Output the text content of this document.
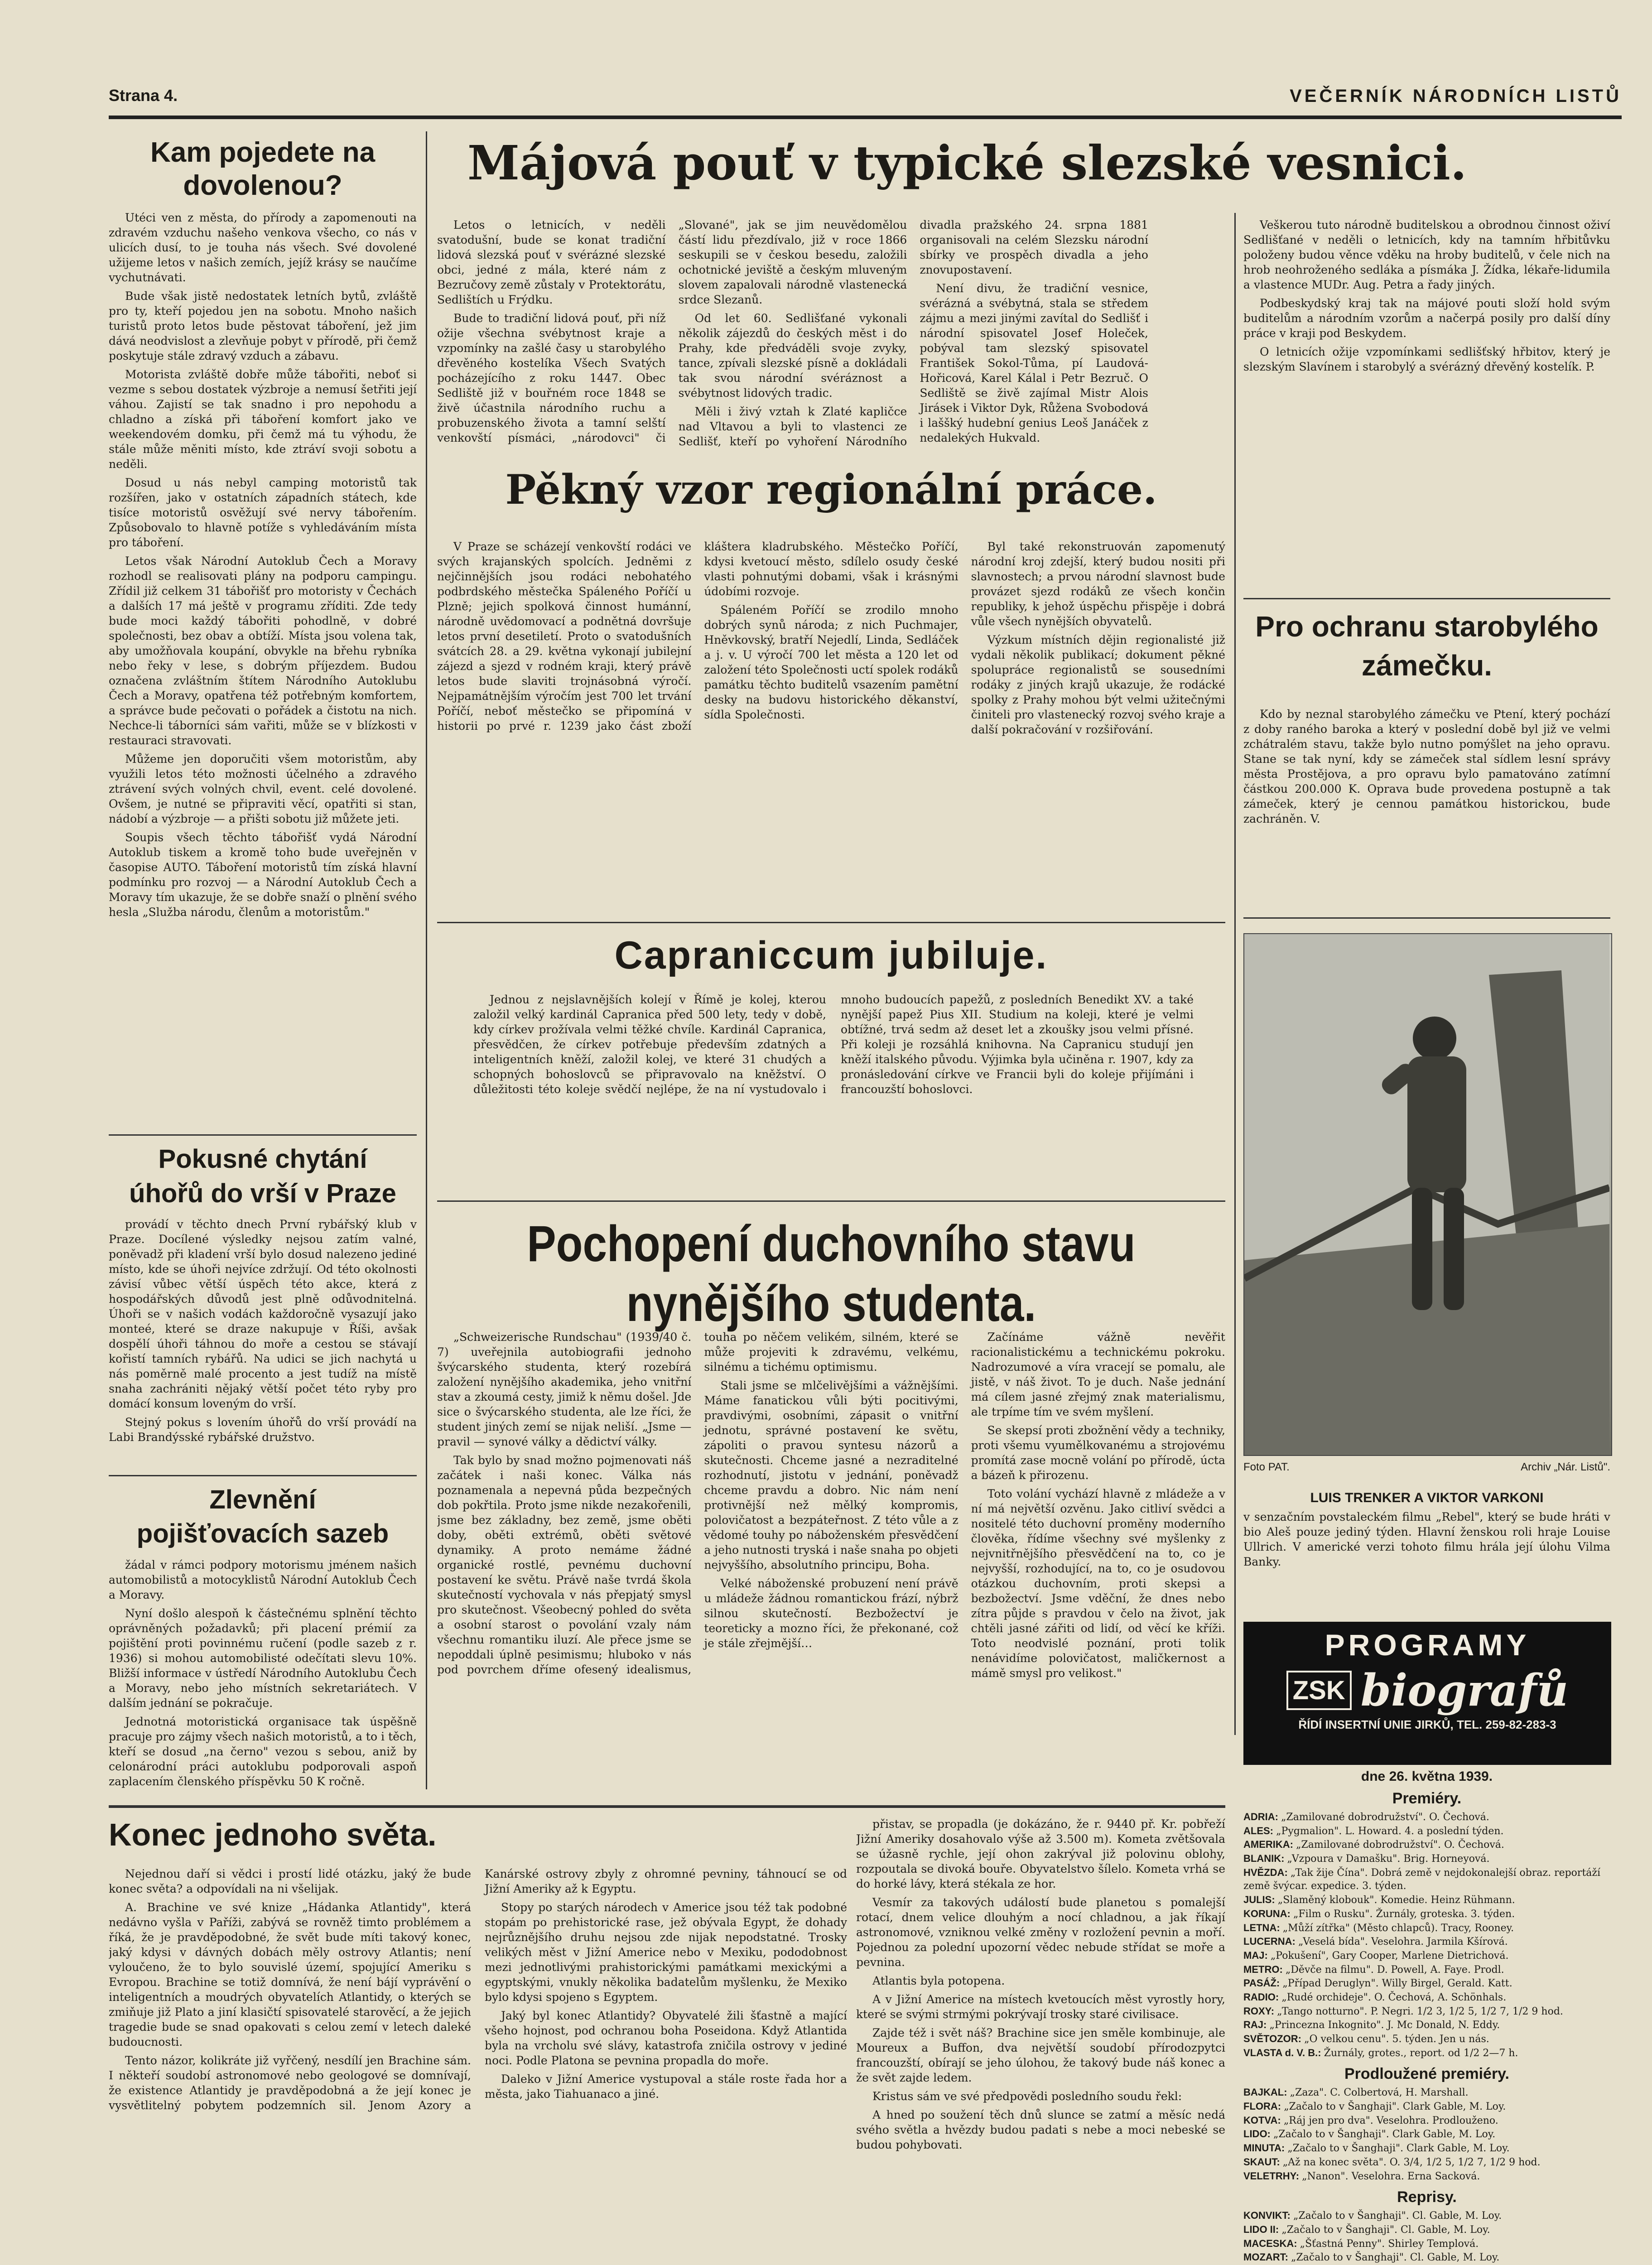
Strana 4.	VEČERNÍK NÁRODNÍCH LISTŮ
Kam pojedete na dovolenou?

Utéci ven z města, do přírody a zapomenouti na zdravém vzduchu našeho venkova všecho, co nás v ulicích dusí, to je touha nás všech. Své dovolené užijeme letos v našich zemích, jejíž krásy se naučíme vychutnávati.

Bude však jistě nedostatek letních bytů, zvláště pro ty, kteří pojedou jen na sobotu. Mnoho našich turistů proto letos bude pěstovat táboření, jež jim dává neodvislost a zlevňuje pobyt v přírodě, při čemž poskytuje stále zdravý vzduch a zábavu.

Motorista zvláště dobře může tábořiti, neboť si vezme s sebou dostatek výzbroje a nemusí šetřiti její váhou. Zajistí se tak snadno i pro nepohodu a chladno a získá při táboření komfort jako ve weekendovém domku, při čemž má tu výhodu, že stále může měniti místo, kde ztráví svoji sobotu a neděli.

Dosud u nás nebyl camping motoristů tak rozšířen, jako v ostatních západních státech, kde tisíce motoristů osvěžují své nervy tábořením. Způsobovalo to hlavně potíže s vyhledáváním místa pro táboření.

Letos však Národní Autoklub Čech a Moravy rozhodl se realisovati plány na podporu campingu. Zřídil již celkem 31 tábořišť pro motoristy v Čechách a dalších 17 má ještě v programu zříditi. Zde tedy bude moci každý tábořiti pohodlně, v dobré společnosti, bez obav a obtíží. Místa jsou volena tak, aby umožňovala koupání, obvykle na břehu rybníka nebo řeky v lese, s dobrým příjezdem. Budou označena zvláštním štítem Národního Autoklubu Čech a Moravy, opatřena též potřebným komfortem, a správce bude pečovati o pořádek a čistotu na nich. Nechce-li táborníci sám vařiti, může se v blízkosti v restauraci stravovati.

Můžeme jen doporučiti všem motoristům, aby využili letos této možnosti účelného a zdravého ztrávení svých volných chvil, event. celé dovolené. Ovšem, je nutné se připraviti věcí, opatřiti si stan, nádobí a výzbroje — a přišti sobotu již můžete jeti.

Soupis všech těchto tábořišť vydá Národní Autoklub tiskem a kromě toho bude uveřejněn v časopise AUTO. Táboření motoristů tím získá hlavní podmínku pro rozvoj — a Národní Autoklub Čech a Moravy tím ukazuje, že se dobře snaží o plnění svého hesla „Služba národu, členům a motoristům."

Pokusné chytání úhořů do vrší v Praze

provádí v těchto dnech První rybářský klub v Praze. Docílené výsledky nejsou zatím valné, poněvadž při kladení vrší bylo dosud nalezeno jediné místo, kde se úhoři nejvíce zdržují. Od této okolnosti závisí vůbec větší úspěch této akce, která z hospodářských důvodů jest plně odůvodnitelná. Úhoři se v našich vodách každoročně vysazují jako monteé, které se draze nakupuje v Říši, avšak dospělí úhoři táhnou do moře a cestou se stávají kořistí tamních rybářů. Na udici se jich nachytá u nás poměrně malé procento a jest tudíž na místě snaha zachrániti nějaký větší počet této ryby pro domácí konsum loveným do vrší.

Stejný pokus s lovením úhořů do vrší provádí na Labi Brandýsské rybářské družstvo.

Zlevnění pojišťovacích sazeb

žádal v rámci podpory motorismu jménem našich automobilistů a motocyklistů Národní Autoklub Čech a Moravy.

Nyní došlo alespoň k částečnému splnění těchto oprávněných požadavků; při placení prémií za pojištění proti povinnému ručení (podle sazeb z r. 1936) si mohou automobilisté odečítati slevu 10%. Bližší informace v ústředí Národního Autoklubu Čech a Moravy, nebo jeho místních sekretariátech. V dalším jednání se pokračuje.

Jednotná motoristická organisace tak úspěšně pracuje pro zájmy všech našich motoristů, a to i těch, kteří se dosud „na černo" vezou s sebou, aniž by celonárodní práci autoklubu podporovali aspoň zaplacením členského příspěvku 50 K ročně.

Májová pouť v typické slezské vesnici.

Letos o letnicích, v neděli svatodušní, bude se konat tradiční lidová slezská pouť v svérázné slezské obci, jedné z mála, které nám z Bezručovy země zůstaly v Protektorátu, Sedlištích u Frýdku.

Bude to tradiční lidová pouť, při níž ožije všechna svébytnost kraje a vzpomínky na zašlé časy u starobylého dřevěného kostelíka Všech Svatých pocházejícího z roku 1447. Obec Sedliště již v bouřném roce 1848 se živě účastnila národního ruchu a probuzenského života a tamní selští venkovští písmáci, „národovci" či „Slované", jak se jim neuvědomělou částí lidu přezdívalo, již v roce 1866 seskupili se v českou besedu, založili ochotnické jeviště a českým mluveným slovem zapalovali národně vlastenecká srdce Slezanů.

Od let 60. Sedlišťané vykonali několik zájezdů do českých měst i do Prahy, kde předváděli svoje zvyky, tance, zpívali slezské písně a dokládali tak svou národní svéráznost a svébytnost lidových tradic.

Měli i živý vztah k Zlaté kapličce nad Vltavou a byli to vlastenci ze Sedlišť, kteří po vyhoření Národního divadla pražského 24. srpna 1881 organisovali na celém Slezsku národní sbírky ve prospěch divadla a jeho znovupostavení.

Není divu, že tradiční vesnice, svérázná a svébytná, stala se středem zájmu a mezi jinými zavítal do Sedlišť i národní spisovatel Josef Holeček, pobýval tam slezský spisovatel František Sokol-Tůma, pí Laudová-Hořicová, Karel Kálal i Petr Bezruč. O Sedliště se živě zajímal Mistr Alois Jirásek i Viktor Dyk, Růžena Svobodová i laššký hudební genius Leoš Janáček z nedalekých Hukvald.

Veškerou tuto národně buditelskou a obrodnou činnost oživí Sedlišťané v neděli o letnicích, kdy na tamním hřbitůvku položeny budou věnce vděku na hroby buditelů, v čele nich na hrob neohroženého sedláka a písmáka J. Žídka, lékaře-lidumila a vlastence MUDr. Aug. Petra a řady jiných.

Podbeskydský kraj tak na májové pouti složí hold svým buditelům a národním vzorům a načerpá posily pro další díny práce v kraji pod Beskydem.

O letnicích ožije vzpomínkami sedlišťský hřbitov, který je slezským Slavínem i starobylý a svérázný dřevěný kostelík. P.

Pěkný vzor regionální práce.

V Praze se scházejí venkovští rodáci ve svých krajanských spolcích. Jedněmi z nejčinnějších jsou rodáci nebohatého podbrdského městečka Spáleného Poříčí u Plzně; jejich spolková činnost humánní, národně uvědomovací a podnětná dovršuje letos první desetiletí. Proto o svatodušních svátcích 28. a 29. května vykonají jubilejní zájezd a sjezd v rodném kraji, který právě letos bude slaviti trojnásobná výročí. Nejpamátnějším výročím jest 700 let trvání Poříčí, neboť městečko se připomíná v historii po prvé r. 1239 jako část zboží kláštera kladrubského. Městečko Poříčí, kdysi kvetoucí město, sdílelo osudy české vlasti pohnutými dobami, však i krásnými údobími rozvoje.

Spáleném Poříčí se zrodilo mnoho dobrých synů národa; z nich Puchmajer, Hněvkovský, bratří Nejedlí, Linda, Sedláček a j. v. U výročí 700 let města a 120 let od založení této Společnosti uctí spolek rodáků památku těchto buditelů vsazením pamětní desky na budovu historického děkanství, sídla Společnosti.

Byl také rekonstruován zapomenutý národní kroj zdejší, který budou nositi při slavnostech; a prvou národní slavnost bude provázet sjezd rodáků ze všech končin republiky, k jehož úspěchu přispěje i dobrá vůle všech nynějších obyvatelů.

Výzkum místních dějin regionalisté již vydali několik publikací; dokument pěkné spolupráce regionalistů se sousedními rodáky z jiných krajů ukazuje, že rodácké spolky z Prahy mohou být velmi užitečnými činiteli pro vlastenecký rozvoj svého kraje a další pokračování v rozšiřování.

Capraniccum jubiluje.

Jednou z nejslavnějších kolejí v Římě je kolej, kterou založil velký kardinál Capranica před 500 lety, tedy v době, kdy církev prožívala velmi těžké chvíle. Kardinál Capranica, přesvědčen, že církev potřebuje především zdatných a inteligentních kněží, založil kolej, ve které 31 chudých a schopných bohoslovců se připravovalo na kněžství. O důležitosti této koleje svědčí nejlépe, že na ní vystudovalo i mnoho budoucích papežů, z posledních Benedikt XV. a také nynější papež Pius XII. Studium na koleji, které je velmi obtížné, trvá sedm až deset let a zkoušky jsou velmi přísné. Při koleji je rozsáhlá knihovna. Na Capranicu studují jen kněží italského původu. Výjimka byla učiněna r. 1907, kdy za pronásledování církve ve Francii byli do koleje přijímáni i francouzští bohoslovci.

Pochopení duchovního stavu nynějšího studenta.

„Schweizerische Rundschau" (1939/40 č. 7) uveřejnila autobiografii jednoho švýcarského studenta, který rozebírá založení nynějšího akademika, jeho vnitřní stav a zkoumá cesty, jimiž k němu došel. Jde sice o švýcarského studenta, ale lze říci, že student jiných zemí se nijak neliší. „Jsme — pravil — synové války a dědictví války.

Tak bylo by snad možno pojmenovati náš začátek i naši konec. Válka nás poznamenala a nepevná půda bezpečných dob pokřtila. Proto jsme nikde nezakořenili, jsme bez základny, bez země, jsme oběti doby, oběti extrémů, oběti světové dynamiky. A proto nemáme žádné organické rostlé, pevnému duchovní postavení ke světu. Právě naše tvrdá škola skutečností vychovala v nás přepjatý smysl pro skutečnost. Všeobecný pohled do světa a osobní starost o povolání vzaly nám všechnu romantiku iluzí. Ale přece jsme se nepoddali úplně pesimismu; hluboko v nás pod povrchem dříme ofesený idealismus, touha po něčem velikém, silném, které se může projeviti k zdravému, velkému, silnému a tichému optimismu.

Stali jsme se mlčelivějšími a vážnějšími. Máme fanatickou vůli býti pocitivými, pravdivými, osobními, zápasit o vnitřní jednotu, správné postavení ke světu, zápoliti o pravou syntesu názorů a skutečnosti. Chceme jasné a nezraditelné rozhodnutí, jistotu v jednání, poněvadž chceme pravdu a dobro. Nic nám není protivnější než mělký kompromis, polovičatost a bezpáteřnost. Z této vůle a z vědomé touhy po náboženském přesvědčení a jeho nutnosti tryská i naše snaha po objeti nejvyššího, absolutního principu, Boha.

Velké náboženské probuzení není právě u mládeže žádnou romantickou frází, nýbrž silnou skutečností. Bezbožectví je teoreticky a mozno říci, že překonané, což je stále zřejmější…

Začínáme vážně nevěřit racionalistickému a technickému pokroku. Nadrozumové a víra vracejí se pomalu, ale jistě, v náš život. To je duch. Naše jednání má cílem jasné zřejmý znak materialismu, ale trpíme tím ve svém myšlení.

Se skepsí proti zbožnění vědy a techniky, proti všemu vyumělkovanému a strojovému promítá zase mocně volání po přírodě, úcta a bázeň k přirozenu.

Toto volání vychází hlavně z mládeže a v ní má největší ozvěnu. Jako citliví svědci a nositelé této duchovní proměny moderního člověka, řídíme všechny své myšlenky z nejvnitřnějšího přesvědčení na to, co je nejvyšší, rozhodující, na to, co je osudovou otázkou duchovním, proti skepsi a bezbožectví. Jsme vděční, že dnes nebo zítra půjde s pravdou v čelo na život, jak chtěli jasné zářiti od lidí, od věcí ke kříži. Toto neodvislé poznání, proti tolik nenávidíme polovičatost, maličkernost a mámě smysl pro velikost."

Pro ochranu starobylého zámečku.

Kdo by neznal starobylého zámečku ve Ptení, který pochází z doby raného baroka a který v poslední době byl již ve velmi zchátralém stavu, takže bylo nutno pomýšlet na jeho opravu. Stane se tak nyní, kdy se zámeček stal sídlem lesní správy města Prostějova, a pro opravu bylo pamatováno zatímní částkou 200.000 K. Oprava bude provedena postupně a tak zámeček, který je cennou památkou historickou, bude zachráněn. V.

Foto PAT.	Archiv „Nár. Listů".
LUIS TRENKER A VIKTOR VARKONI
v senzačním povstaleckém filmu „Rebel", který se bude hráti v bio Aleš pouze jediný týden. Hlavní ženskou roli hraje Louise Ullrich. V americké verzi tohoto filmu hrála její úlohu Vilma Banky.
PROGRAMY
ZSK biografů
ŘÍDÍ INSERTNÍ UNIE JIRKŮ, TEL. 259-82-283-3
dne 26. května 1939.
Premiéry.

ADRIA: „Zamilované dobrodružství". O. Čechová.

ALES: „Pygmalion". L. Howard. 4. a poslední týden.

AMERIKA: „Zamilované dobrodružství". O. Čechová.

BLANIK: „Vzpoura v Damašku". Brig. Horneyová.

HVĚZDA: „Tak žije Čína". Dobrá země v nejdokonalejší obraz. reportáží země švýcar. expedice. 3. týden.

JULIS: „Slaměný klobouk". Komedie. Heinz Rühmann.

KORUNA: „Film o Rusku". Žurnály, groteska. 3. týden.

LETNA: „Můží zítřka" (Město chlapců). Tracy, Rooney.

LUCERNA: „Veselá bída". Veselohra. Jarmila Kšírová.

MAJ: „Pokušení", Gary Cooper, Marlene Dietrichová.

METRO: „Děvče na filmu". D. Powell, A. Faye. Prodl.

PASÁŽ: „Případ Deruglyn". Willy Birgel, Gerald. Katt.

RADIO: „Rudé orchideje". O. Čechová, A. Schönhals.

ROXY: „Tango notturno". P. Negri. 1/2 3, 1/2 5, 1/2 7, 1/2 9 hod.

RAJ: „Princezna Inkognito". J. Mc Donald, N. Eddy.

SVĚTOZOR: „O velkou cenu". 5. týden. Jen u nás.

VLASTA d. V. B.: Žurnály, grotes., report. od 1/2 2—7 h.

Prodloužené premiéry.

BAJKAL: „Zaza". C. Colbertová, H. Marshall.

FLORA: „Začalo to v Šanghaji". Clark Gable, M. Loy.

KOTVA: „Ráj jen pro dva". Veselohra. Prodlouženo.

LIDO: „Začalo to v Šanghaji". Clark Gable, M. Loy.

MINUTA: „Začalo to v Šanghaji". Clark Gable, M. Loy.

SKAUT: „Až na konec světa". O. 3/4, 1/2 5, 1/2 7, 1/2 9 hod.

VELETRHY: „Nanon". Veselohra. Erna Sacková.

Reprisy.

KONVIKT: „Začalo to v Šanghaji". Cl. Gable, M. Loy.

LIDO II: „Začalo to v Šanghaji". Cl. Gable, M. Loy.

MACESKA: „Šťastná Penny". Shirley Templová.

MOZART: „Začalo to v Šanghaji". Cl. Gable, M. Loy.

Konec jednoho světa.

Nejednou daří si vědci i prostí lidé otázku, jaký že bude konec světa? a odpovídali na ni všelijak.

A. Brachine ve své knize „Hádanka Atlantidy", která nedávno vyšla v Paříži, zabývá se rovněž timto problémem a říká, že je pravděpodobné, že svět bude míti takový konec, jaký kdysi v dávných dobách měly ostrovy Atlantis; není vyloučeno, že to bylo souvislé území, spojující Ameriku s Evropou. Brachine se totiž domnívá, že není bájí vyprávění o inteligentních a moudrých obyvatelích Atlantidy, o kterých se zmiňuje již Plato a jiní klasičtí spisovatelé starověcí, a že jejich tragedie bude se snad opakovati s celou zemí v letech daleké budoucnosti.

Tento názor, kolikráte již vyřčený, nesdílí jen Brachine sám. I někteří soudobí astronomové nebo geologové se domnívají, že existence Atlantidy je pravděpodobná a že její konec je vysvětlitelný pobytem podzemních sil. Jenom Azory a Kanárské ostrovy zbyly z ohromné pevniny, táhnoucí se od Jižní Ameriky až k Egyptu.

Stopy po starých národech v Americe jsou též tak podobné stopám po prehistorické rase, jež obývala Egypt, že dohady nejrůznějšího druhu nejsou zde nijak nepodstatné. Trosky velikých měst v Jižní Americe nebo v Mexiku, pododobnost mezi jednotlivými prahistorickými památkami mexickými a egyptskými, vnukly několika badatelům myšlenku, že Mexiko bylo kdysi spojeno s Egyptem.

Jaký byl konec Atlantidy? Obyvatelé žili šťastně a mající všeho hojnost, pod ochranou boha Poseidona. Když Atlantida byla na vrcholu své slávy, katastrofa zničila ostrovy v jediné noci. Podle Platona se pevnina propadla do moře.

Daleko v Jižní Americe vystupoval a stále roste řada hor a města, jako Tiahuanaco a jiné.

přistav, se propadla (je dokázáno, že r. 9440 př. Kr. pobřeží Jižní Ameriky dosahovalo výše až 3.500 m). Kometa zvětšovala se úžasně rychle, její ohon zakrýval již polovinu oblohy, rozpoutala se divoká bouře. Obyvatelstvo šílelo. Kometa vrhá se do horké lávy, která stékala ze hor.

Vesmír za takových událostí bude planetou s pomalejší rotací, dnem velice dlouhým a nocí chladnou, a jak říkají astronomové, vzniknou velké změny v rozložení pevnin a moří. Pojednou za polední upozorní vědec nebude střídat se moře a pevnina.

Atlantis byla potopena.

A v Jižní Americe na místech kvetoucích měst vyrostly hory, které se svými strmými pokrývají trosky staré civilisace.

Zajde též i svět náš? Brachine sice jen směle kombinuje, ale Moureux a Buffon, dva největší soudobí přírodozpytci francouzští, obírají se jeho úlohou, že takový bude náš konec a že svět zajde ledem.

Kristus sám ve své předpovědi posledního soudu řekl:

A hned po soužení těch dnů slunce se zatmí a měsíc nedá svého světla a hvězdy budou padati s nebe a moci nebeské se budou pohybovati.
